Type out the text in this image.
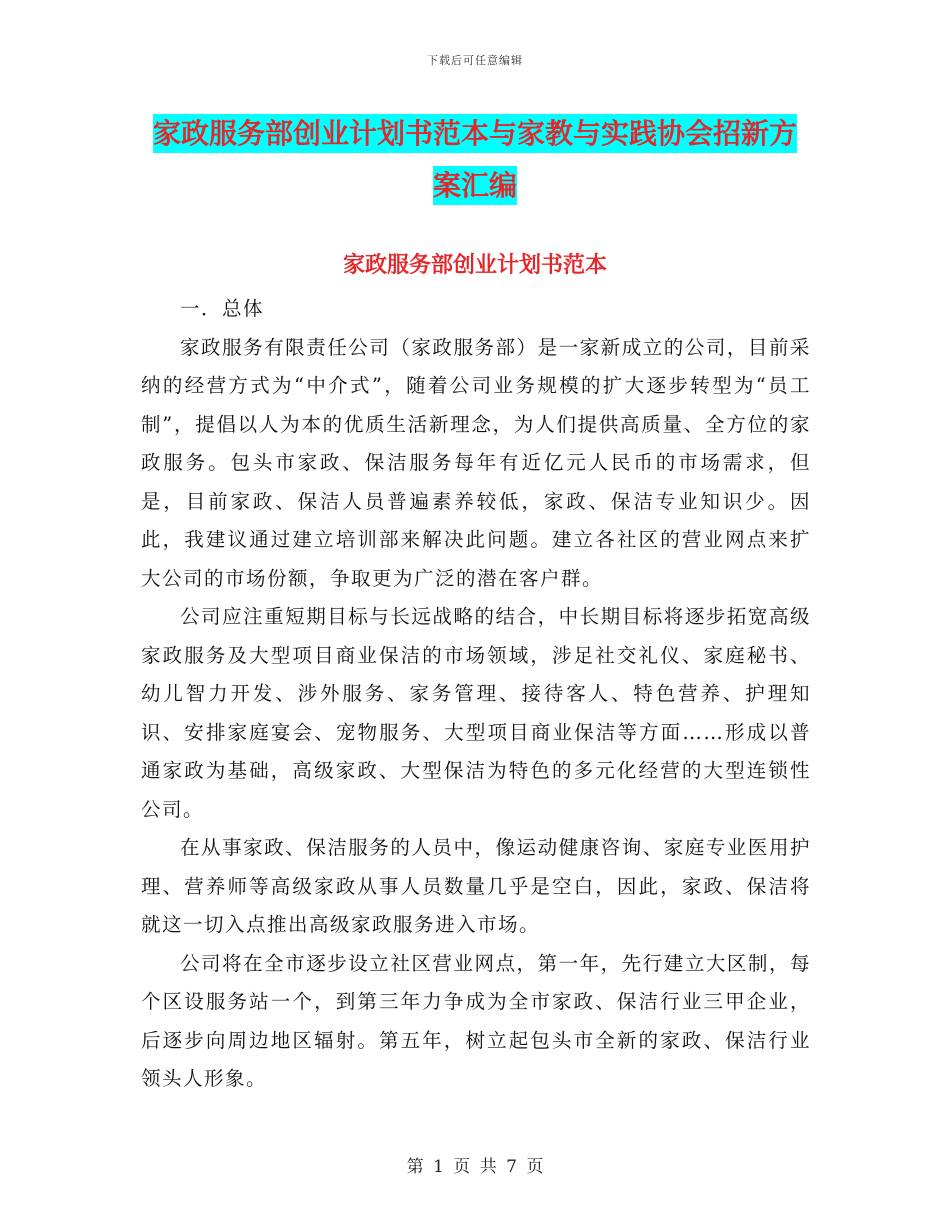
下载后可任意编辑
家政服务部创业计划书范本与家教与实践协会招新方案汇编
家政服务部创业计划书范本

一．总体

家政服务有限责任公司（家政服务部）是一家新成立的公司，目前采纳的经营方式为“中介式”，随着公司业务规模的扩大逐步转型为“员工制”，提倡以人为本的优质生活新理念，为人们提供高质量、全方位的家政服务。包头市家政、保洁服务每年有近亿元人民币的市场需求，但是，目前家政、保洁人员普遍素养较低，家政、保洁专业知识少。因此，我建议通过建立培训部来解决此问题。建立各社区的营业网点来扩大公司的市场份额，争取更为广泛的潜在客户群。

公司应注重短期目标与长远战略的结合，中长期目标将逐步拓宽高级家政服务及大型项目商业保洁的市场领域，涉足社交礼仪、家庭秘书、幼儿智力开发、涉外服务、家务管理、接待客人、特色营养、护理知识、安排家庭宴会、宠物服务、大型项目商业保洁等方面……形成以普通家政为基础，高级家政、大型保洁为特色的多元化经营的大型连锁性公司。

在从事家政、保洁服务的人员中，像运动健康咨询、家庭专业医用护理、营养师等高级家政从事人员数量几乎是空白，因此，家政、保洁将就这一切入点推出高级家政服务进入市场。

公司将在全市逐步设立社区营业网点，第一年，先行建立大区制，每个区设服务站一个，到第三年力争成为全市家政、保洁行业三甲企业，后逐步向周边地区辐射。第五年，树立起包头市全新的家政、保洁行业领头人形象。

第 1 页 共 7 页
